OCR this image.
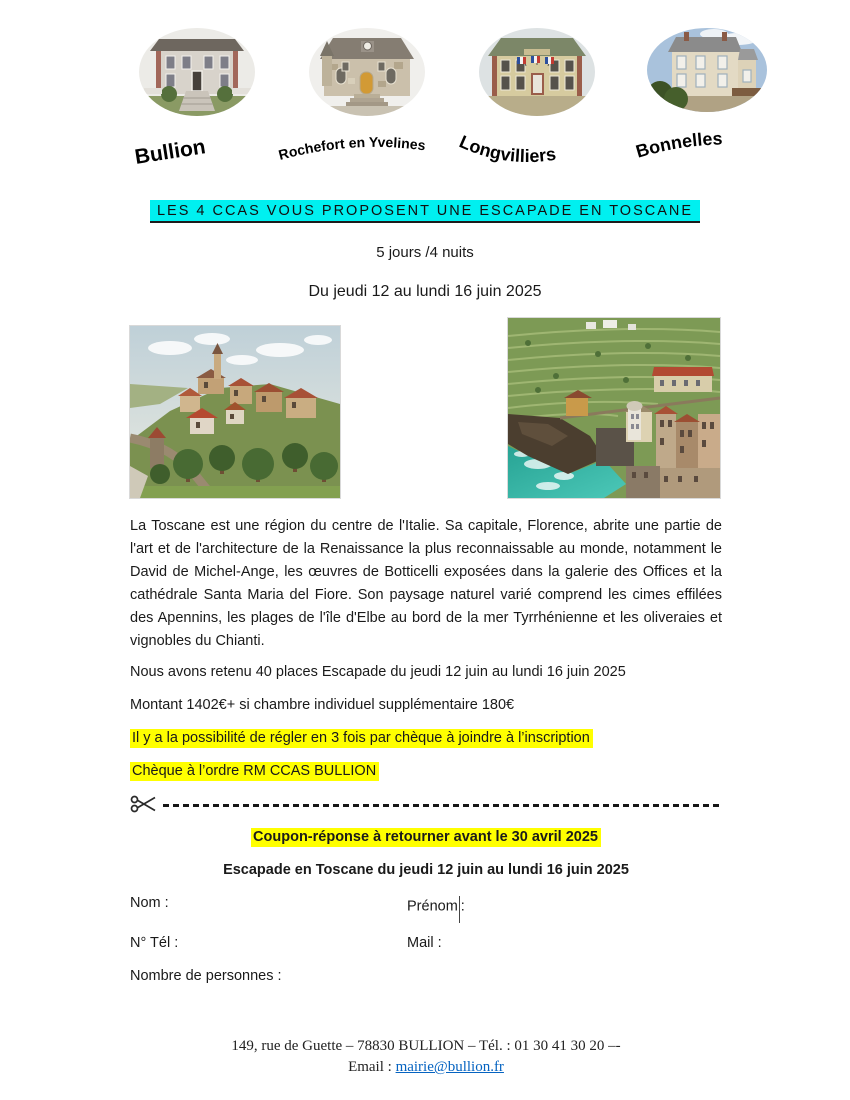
Bullion	Rochefort en Yvelines Longvilliers	Bonnelles
LES 4 CCAS VOUS PROPOSENT UNE ESCAPADE EN TOSCANE
5 jours /4 nuits
Du jeudi 12 au lundi 16 juin 2025

La Toscane est une région du centre de l'Italie. Sa capitale, Florence, abrite une partie de l'art et de l'architecture de la Renaissance la plus reconnaissable au monde, notamment le David de Michel-Ange, les œuvres de Botticelli exposées dans la galerie des Offices et la cathédrale Santa Maria del Fiore. Son paysage naturel varié comprend les cimes effilées des Apennins, les plages de l'île d'Elbe au bord de la mer Tyrrhénienne et les oliveraies et vignobles du Chianti.

Nous avons retenu 40 places Escapade du jeudi 12 juin au lundi 16 juin 2025
Montant 1402€+ si chambre individuel supplémentaire 180€
Il y a la possibilité de régler en 3 fois par chèque à joindre à l’inscription
Chèque à l’ordre RM CCAS BULLION
Coupon-réponse à retourner avant le 30 avril 2025
Escapade en Toscane du jeudi 12 juin au lundi 16 juin 2025
Nom :	Prénom :
N° Tél :	Mail :
Nombre de personnes :
149, rue de Guette – 78830 BULLION – Tél. : 01 30 41 30 20 –-
Email : mairie@bullion.fr
